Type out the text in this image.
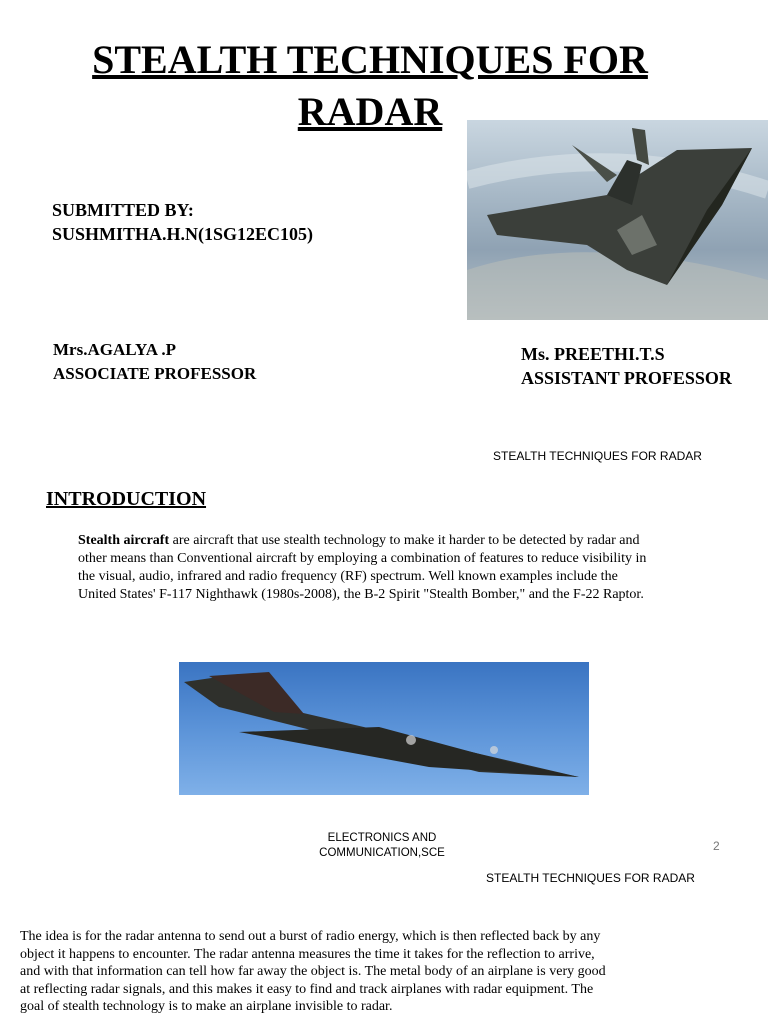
STEALTH TECHNIQUES FOR
RADAR
SUBMITTED BY:
SUSHMITHA.H.N(1SG12EC105)
Mrs.AGALYA .P
ASSOCIATE PROFESSOR
Ms. PREETHI.T.S
ASSISTANT PROFESSOR
STEALTH TECHNIQUES FOR RADAR
INTRODUCTION
Stealth aircraft are aircraft that use stealth technology to make it harder to be detected by radar and other means than Conventional aircraft by employing a combination of features to reduce visibility in the visual, audio, infrared and radio frequency (RF) spectrum. Well known examples include the United States' F-117 Nighthawk (1980s-2008), the B-2 Spirit "Stealth Bomber," and the F-22 Raptor.
ELECTRONICS AND
COMMUNICATION,SCE	2
STEALTH TECHNIQUES FOR RADAR
The idea is for the radar antenna to send out a burst of radio energy, which is then reflected back by any object it happens to encounter. The radar antenna measures the time it takes for the reflection to arrive, and with that information can tell how far away the object is. The metal body of an airplane is very good at reflecting radar signals, and this makes it easy to find and track airplanes with radar equipment. The goal of stealth technology is to make an airplane invisible to radar.
